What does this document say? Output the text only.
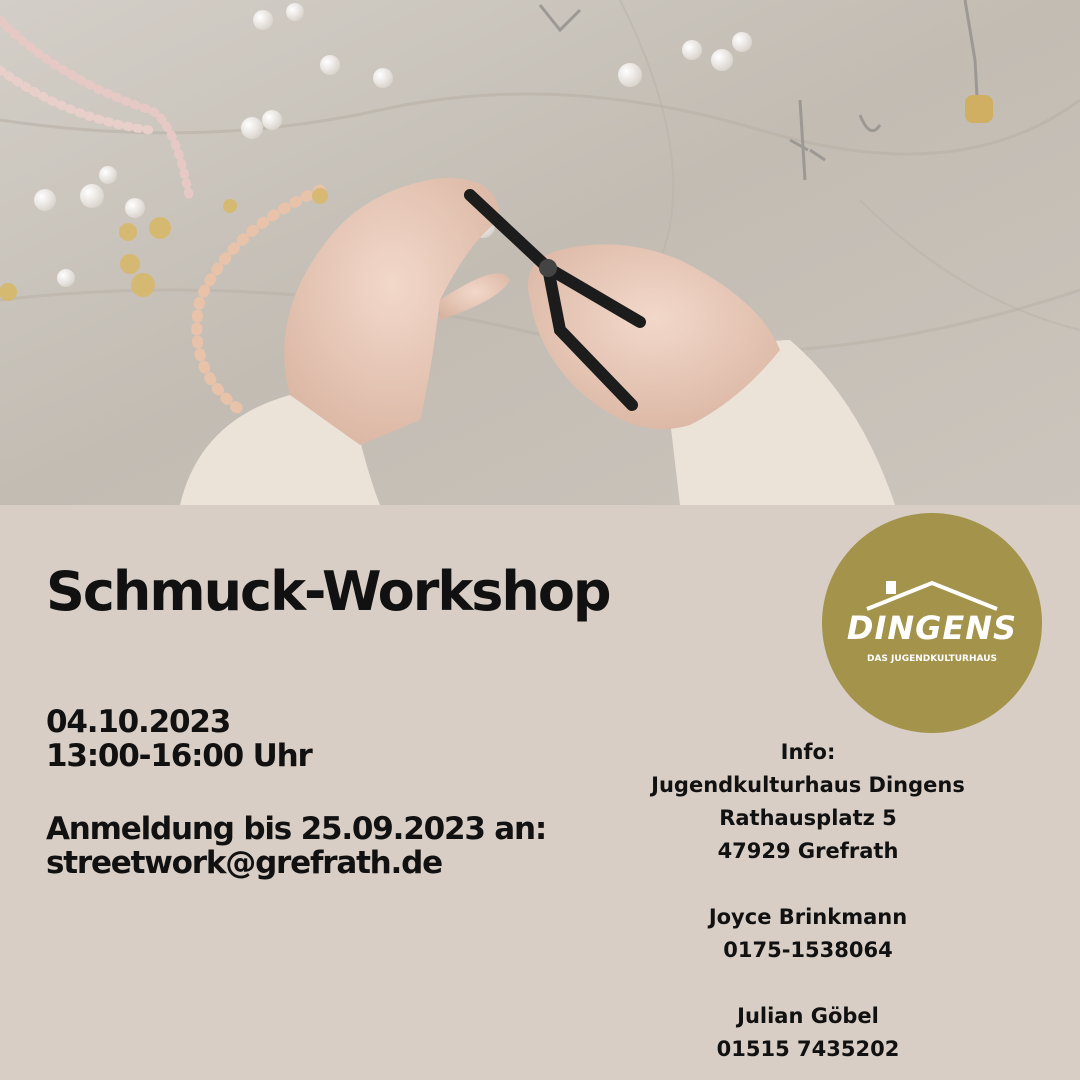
Schmuck-Workshop
04.10.2023
13:00-16:00 Uhr
Anmeldung bis 25.09.2023 an:
streetwork@grefrath.de
DINGENS
DAS JUGENDKULTURHAUS
Info:
Jugendkulturhaus Dingens
Rathausplatz 5
47929 Grefrath
Joyce Brinkmann
0175-1538064
Julian Göbel
01515 7435202
